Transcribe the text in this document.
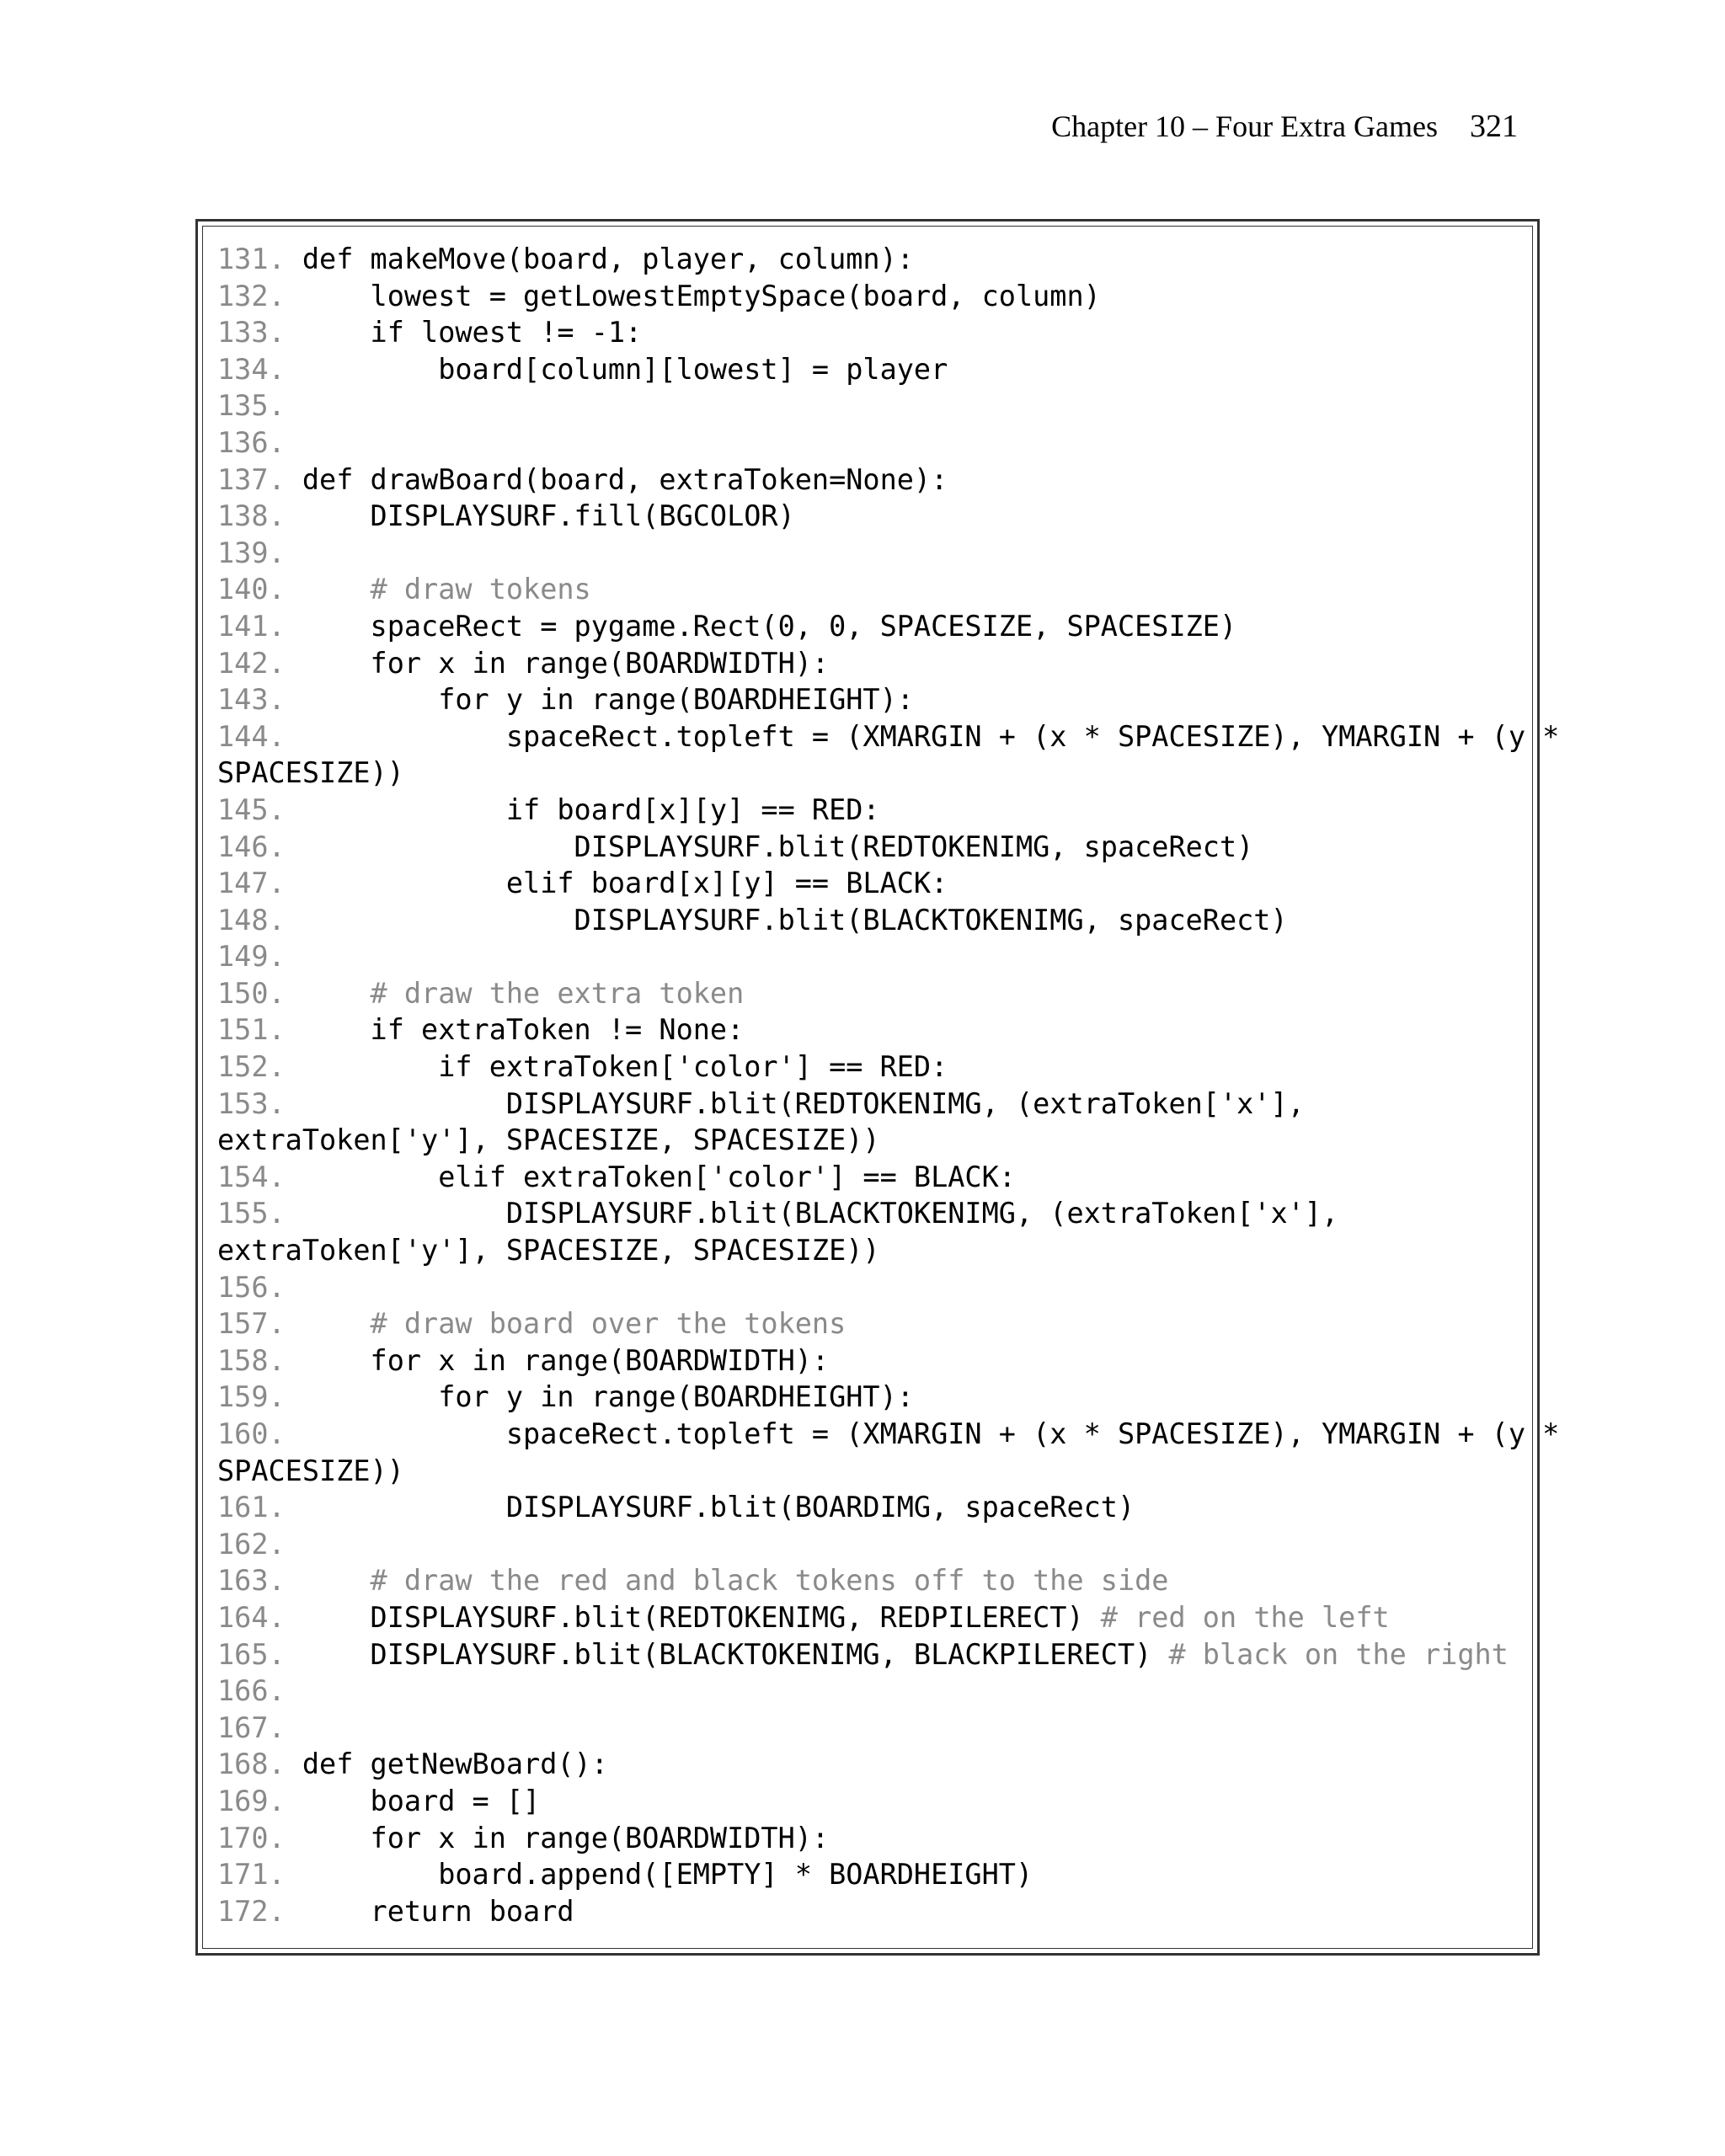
Chapter 10 – Four Extra Games 321
131. def makeMove(board, player, column):
132.     lowest = getLowestEmptySpace(board, column)
133.     if lowest != -1:
134.         board[column][lowest] = player
135.
136.
137. def drawBoard(board, extraToken=None):
138.     DISPLAYSURF.fill(BGCOLOR)
139.
140.	# draw tokens
141.     spaceRect = pygame.Rect(0, 0, SPACESIZE, SPACESIZE)
142.     for x in range(BOARDWIDTH):
143.         for y in range(BOARDHEIGHT):
144.             spaceRect.topleft = (XMARGIN + (x * SPACESIZE), YMARGIN + (y *
SPACESIZE))
145.             if board[x][y] == RED:
146.                 DISPLAYSURF.blit(REDTOKENIMG, spaceRect)
147.             elif board[x][y] == BLACK:
148.                 DISPLAYSURF.blit(BLACKTOKENIMG, spaceRect)
149.
150.	# draw the extra token
151.     if extraToken != None:
152.         if extraToken['color'] == RED:
153.             DISPLAYSURF.blit(REDTOKENIMG, (extraToken['x'],
extraToken['y'], SPACESIZE, SPACESIZE))
154.         elif extraToken['color'] == BLACK:
155.             DISPLAYSURF.blit(BLACKTOKENIMG, (extraToken['x'],
extraToken['y'], SPACESIZE, SPACESIZE))
156.
157.	# draw board over the tokens
158.     for x in range(BOARDWIDTH):
159.         for y in range(BOARDHEIGHT):
160.             spaceRect.topleft = (XMARGIN + (x * SPACESIZE), YMARGIN + (y *
SPACESIZE))
161.             DISPLAYSURF.blit(BOARDIMG, spaceRect)
162.
163.	# draw the red and black tokens off to the side
164.     DISPLAYSURF.blit(REDTOKENIMG, REDPILERECT) # red on the left
165.     DISPLAYSURF.blit(BLACKTOKENIMG, BLACKPILERECT) # black on the right
166.
167.
168. def getNewBoard():
169.     board = []
170.     for x in range(BOARDWIDTH):
171.         board.append([EMPTY] * BOARDHEIGHT)
172.     return board
